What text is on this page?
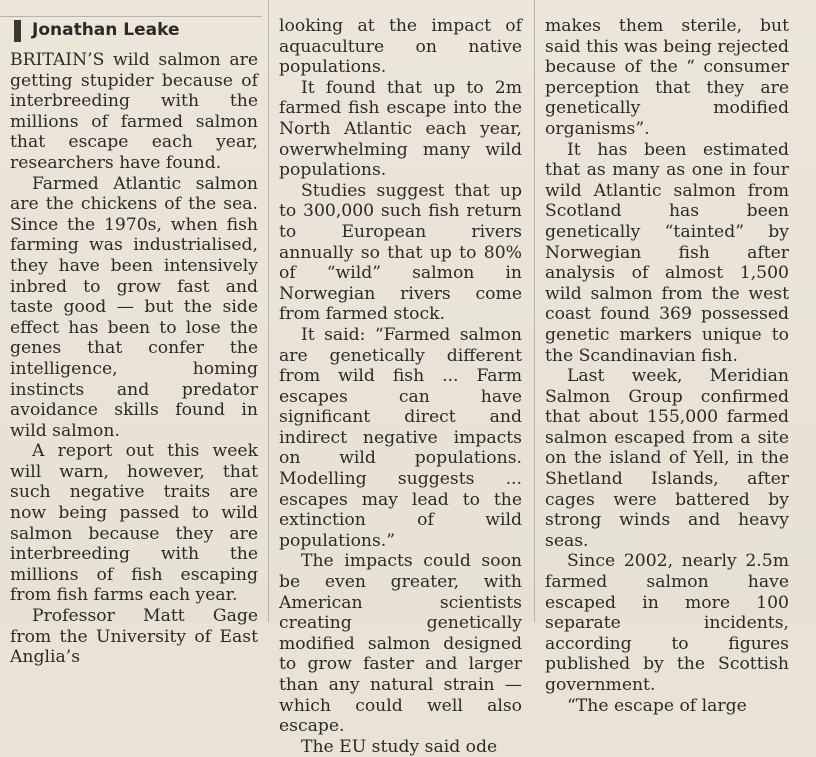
Jonathan Leake

BRITAIN’S wild salmon are getting stupider because of interbreeding with the millions of farmed salmon that escape each year, researchers have found.

Farmed Atlantic salmon are the chickens of the sea. Since the 1970s, when fish farming was industrialised, they have been intensively inbred to grow fast and taste good — but the side effect has been to lose the genes that confer the intelligence, homing instincts and predator avoidance skills found in wild salmon.

A report out this week will warn, however, that such negative traits are now being passed to wild salmon because they are interbreeding with the millions of fish escaping from fish farms each year.

Professor Matt Gage from the University of East Anglia’s

looking at the impact of aquaculture on native populations.

It found that up to 2m farmed fish escape into the North Atlantic each year, owerwhelming many wild populations.

Studies suggest that up to 300,000 such fish return to European rivers annually so that up to 80% of “wild” salmon in Norwegian rivers come from farmed stock.

It said: “Farmed salmon are genetically different from wild fish ... Farm escapes can have significant direct and indirect negative impacts on wild populations. Modelling suggests ... escapes may lead to the extinction of wild populations.”

The impacts could soon be even greater, with American scientists creating genetically modified salmon designed to grow faster and larger than any natural strain — which could well also escape.

The EU study said ode

makes them sterile, but said this was being rejected because of the “ consumer perception that they are genetically modified organisms”.

It has been estimated that as many as one in four wild Atlantic salmon from Scotland has been genetically “tainted” by Norwegian fish after analysis of almost 1,500 wild salmon from the west coast found 369 possessed genetic markers unique to the Scandinavian fish.

Last week, Meridian Salmon Group confirmed that about 155,000 farmed salmon escaped from a site on the island of Yell, in the Shetland Islands, after cages were battered by strong winds and heavy seas.

Since 2002, nearly 2.5m farmed salmon have escaped in more 100 separate incidents, according to figures published by the Scottish government.

“The escape of large
